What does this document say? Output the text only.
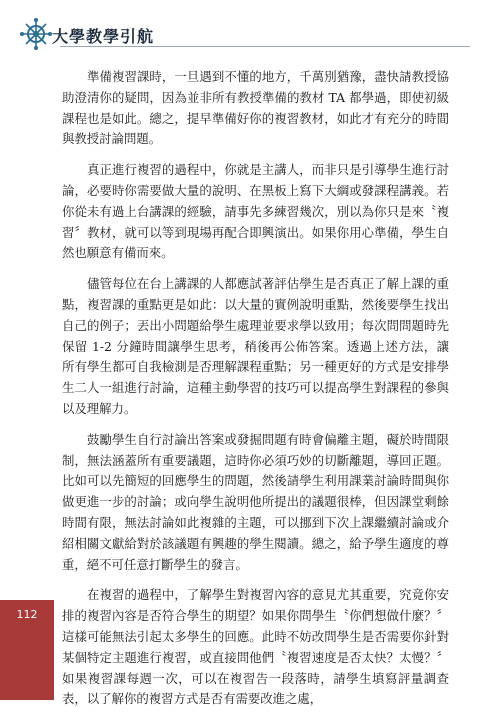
大學教學引航

準備複習課時，一旦遇到不懂的地方，千萬別猶豫，盡快請教授協助澄清你的疑問，因為並非所有教授準備的教材 TA 都學過，即使初級課程也是如此。總之，提早準備好你的複習教材，如此才有充分的時間與教授討論問題。

真正進行複習的過程中，你就是主講人，而非只是引導學生進行討論，必要時你需要做大量的說明、在黑板上寫下大綱或發課程講義。若你從未有過上台講課的經驗，請事先多練習幾次，別以為你只是來〝複習〞教材，就可以等到現場再配合即興演出。如果你用心準備，學生自然也願意有備而來。

儘管每位在台上講課的人都應試著評估學生是否真正了解上課的重點，複習課的重點更是如此：以大量的實例說明重點，然後要學生找出自己的例子；丟出小問題給學生處理並要求學以致用；每次問問題時先保留 1-2 分鐘時間讓學生思考，稍後再公佈答案。透過上述方法，讓所有學生都可自我檢測是否理解課程重點；另一種更好的方式是安排學生二人一組進行討論，這種主動學習的技巧可以提高學生對課程的參與以及理解力。

鼓勵學生自行討論出答案或發掘問題有時會偏離主題，礙於時間限制，無法涵蓋所有重要議題，這時你必須巧妙的切斷離題，導回正題。比如可以先簡短的回應學生的問題，然後請學生利用課業討論時間與你做更進一步的討論；或向學生說明他所提出的議題很棒，但因課堂剩餘時間有限，無法討論如此複雜的主題，可以挪到下次上課繼續討論或介紹相關文獻給對於該議題有興趣的學生閱讀。總之，給予學生適度的尊重，絕不可任意打斷學生的發言。

在複習的過程中，了解學生對複習內容的意見尤其重要，究竟你安排的複習內容是否符合學生的期望？如果你問學生〝你們想做什麼？〞這樣可能無法引起太多學生的回應。此時不妨改問學生是否需要你針對某個特定主題進行複習，或直接問他們〝複習速度是否太快？太慢？〞如果複習課每週一次，可以在複習告一段落時，請學生填寫評量調查表，以了解你的複習方式是否有需要改進之處，

112
